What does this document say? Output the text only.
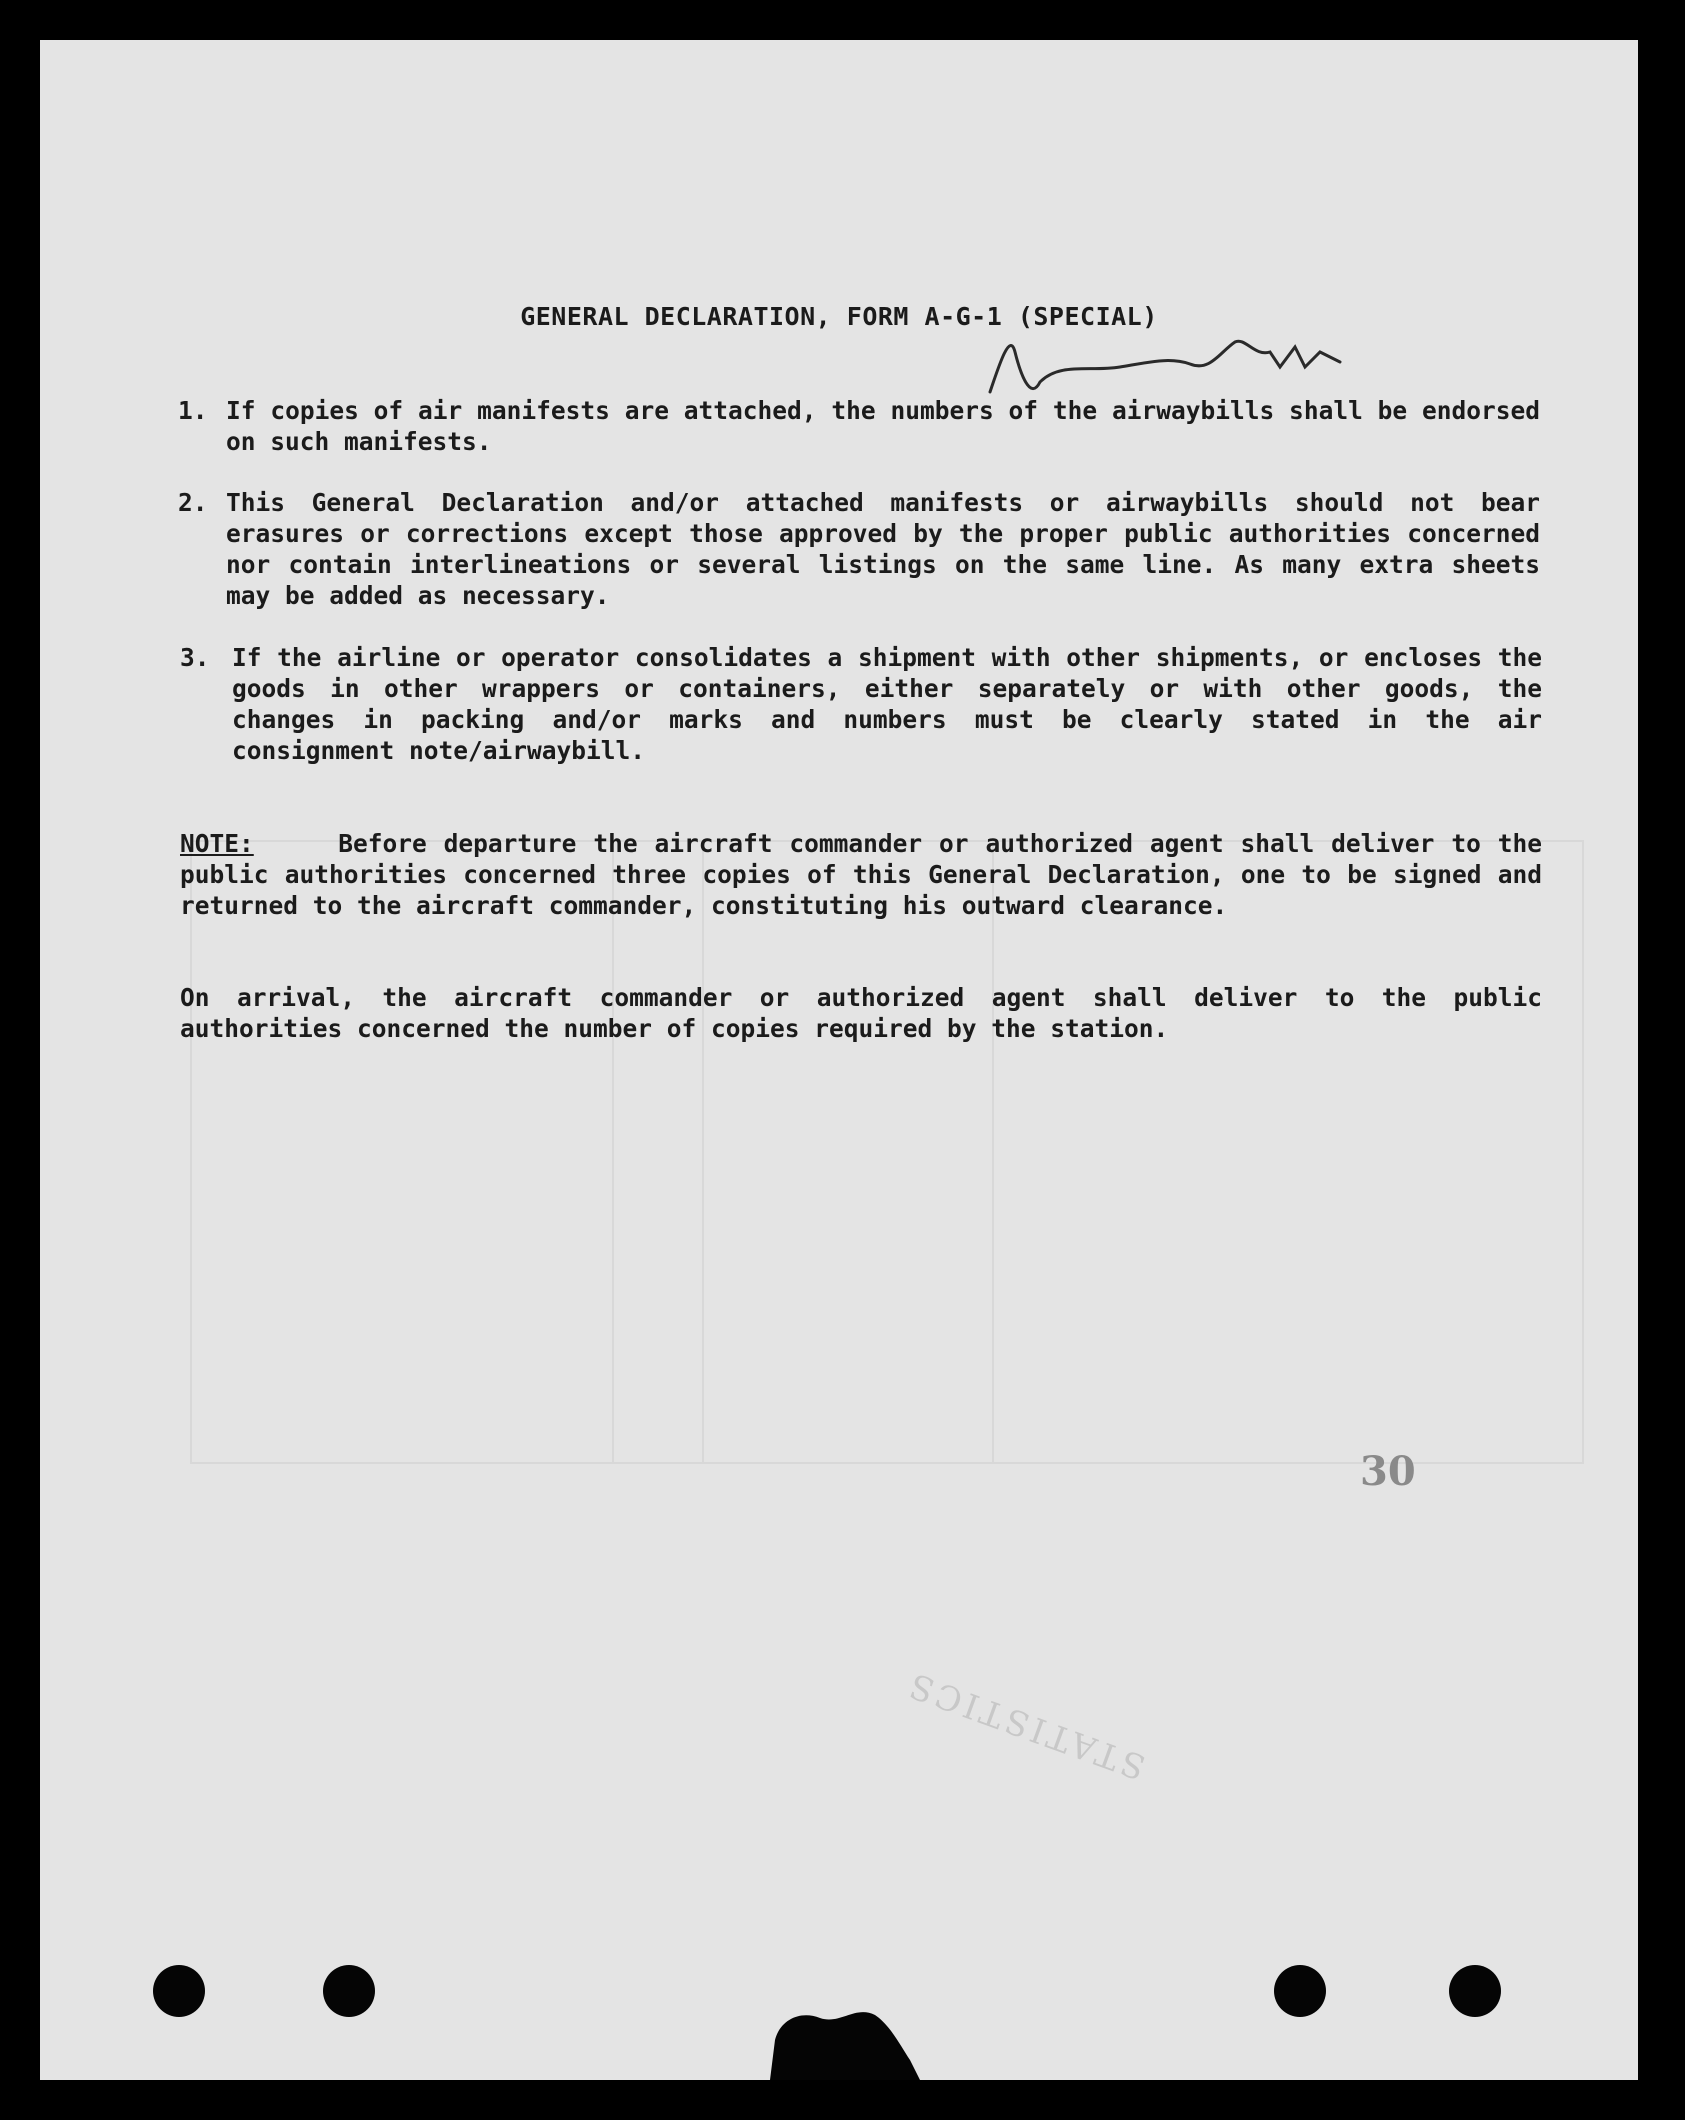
GENERAL DECLARATION, FORM A-G-1 (SPECIAL)
1. If copies of air manifests are attached, the numbers of the airwaybills shall be endorsed on such manifests.
2. This General Declaration and/or attached manifests or airwaybills should not bear erasures or corrections except those approved by the proper public authorities concerned nor contain interlineations or several listings on the same line. As many extra sheets may be added as necessary.
3. If the airline or operator consolidates a shipment with other shipments, or encloses the goods in other wrappers or containers, either separately or with other goods, the changes in packing and/or marks and numbers must be clearly stated in the air consignment note/airwaybill.
NOTE:	Before departure the aircraft commander or authorized agent shall deliver to the public authorities concerned three copies of this General Declaration, one to be signed and returned to the aircraft commander, constituting his outward clearance.
On arrival, the aircraft commander or authorized agent shall deliver to the public authorities concerned the number of copies required by the station.
30
STATISTICS
